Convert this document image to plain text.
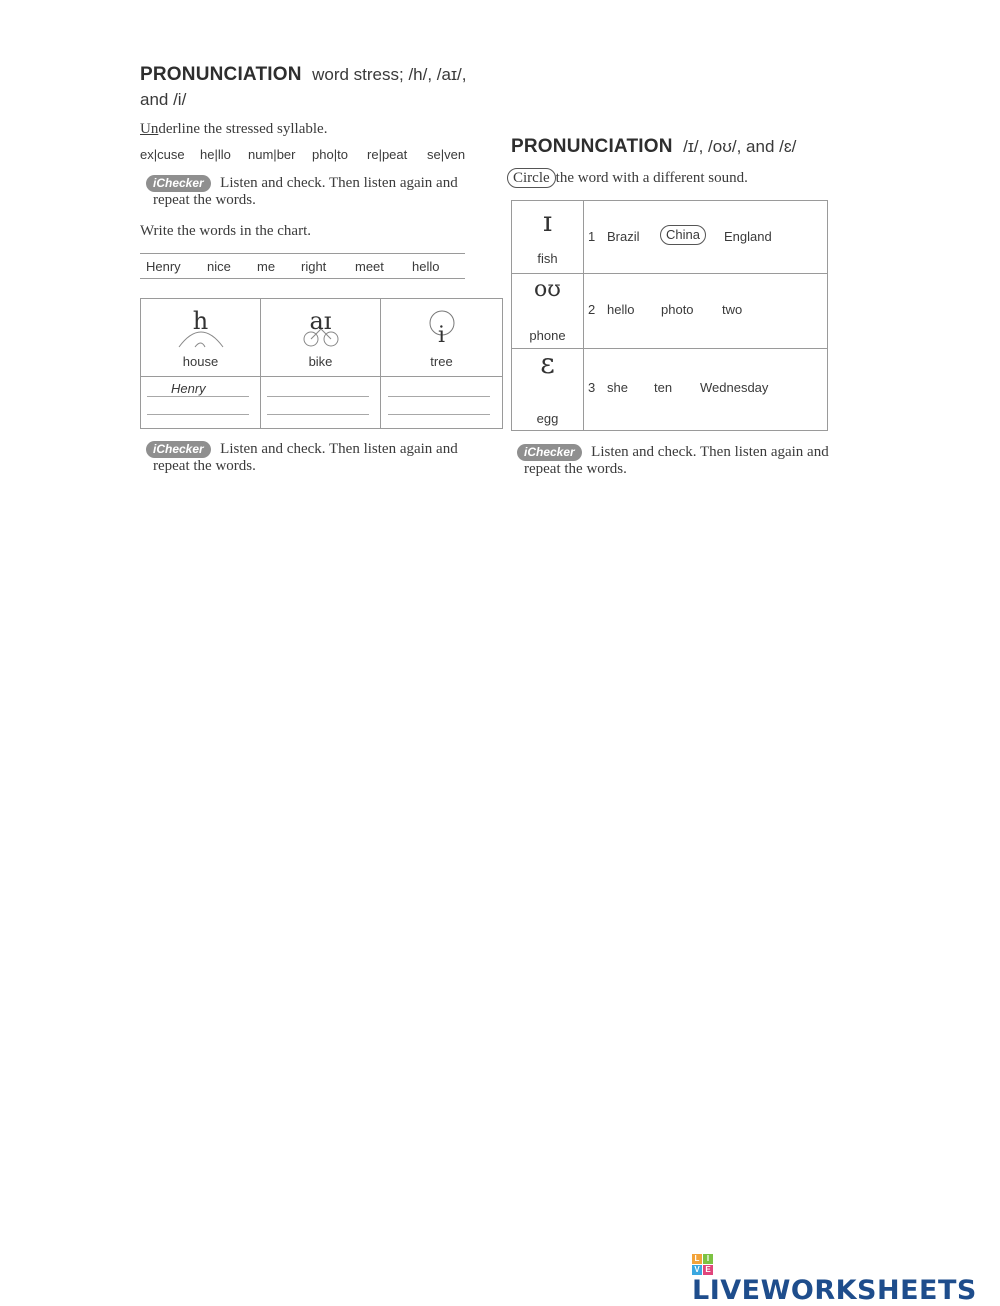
PRONUNCIATION word stress; /h/, /aɪ/,
and /i/
Underline the stressed syllable.
ex|cuse he|llo num|ber pho|to re|peat se|ven
iChecker Listen and check. Then listen again and
repeat the words.
Write the words in the chart.
Henry nice me right meet hello
h
house
Henry
aɪ
bike
i
tree
iChecker Listen and check. Then listen again and
repeat the words.
PRONUNCIATION /ɪ/, /oʊ/, and /ɛ/
Circle the word with a different sound.
ɪ
fish
1 Brazil	China	England
oʊ
phone
2 hello photo two
ɛ
egg
3 she ten Wednesday
iChecker Listen and check. Then listen again and
repeat the words.
L I
V E
LIVEWORKSHEETS
